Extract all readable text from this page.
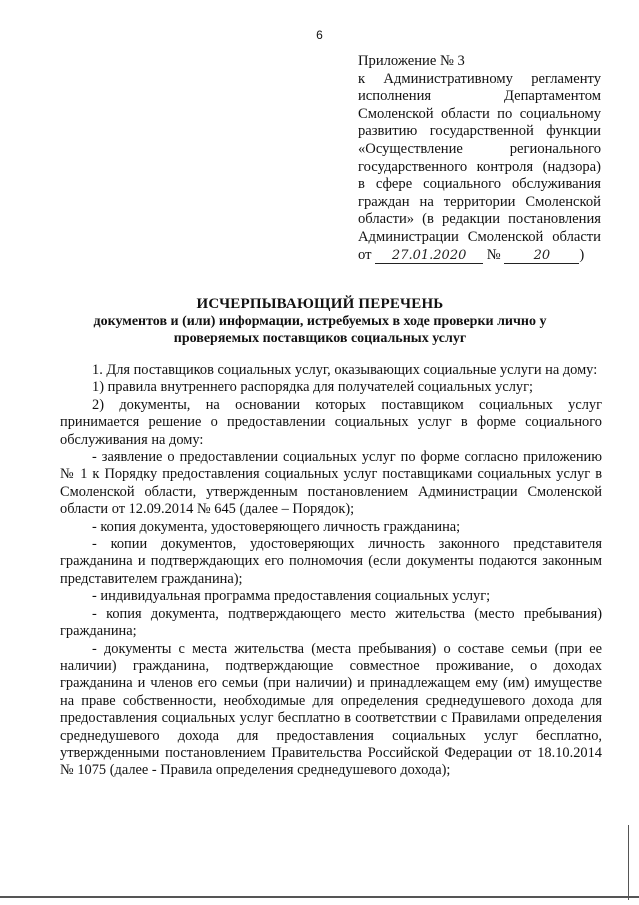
6
Приложение № 3
к Административному регламенту
исполнения Департаментом
Смоленской области по социальному
развитию государственной функции
«Осуществление регионального
государственного контроля (надзора)
в сфере социального обслуживания
граждан на территории Смоленской
области» (в редакции постановления
Администрации Смоленской области
от 27.01.2020 №	20 )
ИСЧЕРПЫВАЮЩИЙ ПЕРЕЧЕНЬ
документов и (или) информации, истребуемых в ходе проверки лично у
проверяемых поставщиков социальных услуг

1. Для поставщиков социальных услуг, оказывающих социальные услуги на дому:

1) правила внутреннего распорядка для получателей социальных услуг;

2) документы, на основании которых поставщиком социальных услуг принимается решение о предоставлении социальных услуг в форме социального обслуживания на дому:

- заявление о предоставлении социальных услуг по форме согласно приложению № 1 к Порядку предоставления социальных услуг поставщиками социальных услуг в Смоленской области, утвержденным постановлением Администрации Смоленской области от 12.09.2014 № 645 (далее – Порядок);

- копия документа, удостоверяющего личность гражданина;

- копии документов, удостоверяющих личность законного представителя гражданина и подтверждающих его полномочия (если документы подаются законным представителем гражданина);

- индивидуальная программа предоставления социальных услуг;

- копия документа, подтверждающего место жительства (место пребывания) гражданина;

- документы с места жительства (места пребывания) о составе семьи (при ее наличии) гражданина, подтверждающие совместное проживание, о доходах гражданина и членов его семьи (при наличии) и принадлежащем ему (им) имуществе на праве собственности, необходимые для определения среднедушевого дохода для предоставления социальных услуг бесплатно в соответствии с Правилами определения среднедушевого дохода для предоставления социальных услуг бесплатно, утвержденными постановлением Правительства Российской Федерации от 18.10.2014 № 1075 (далее - Правила определения среднедушевого дохода);
